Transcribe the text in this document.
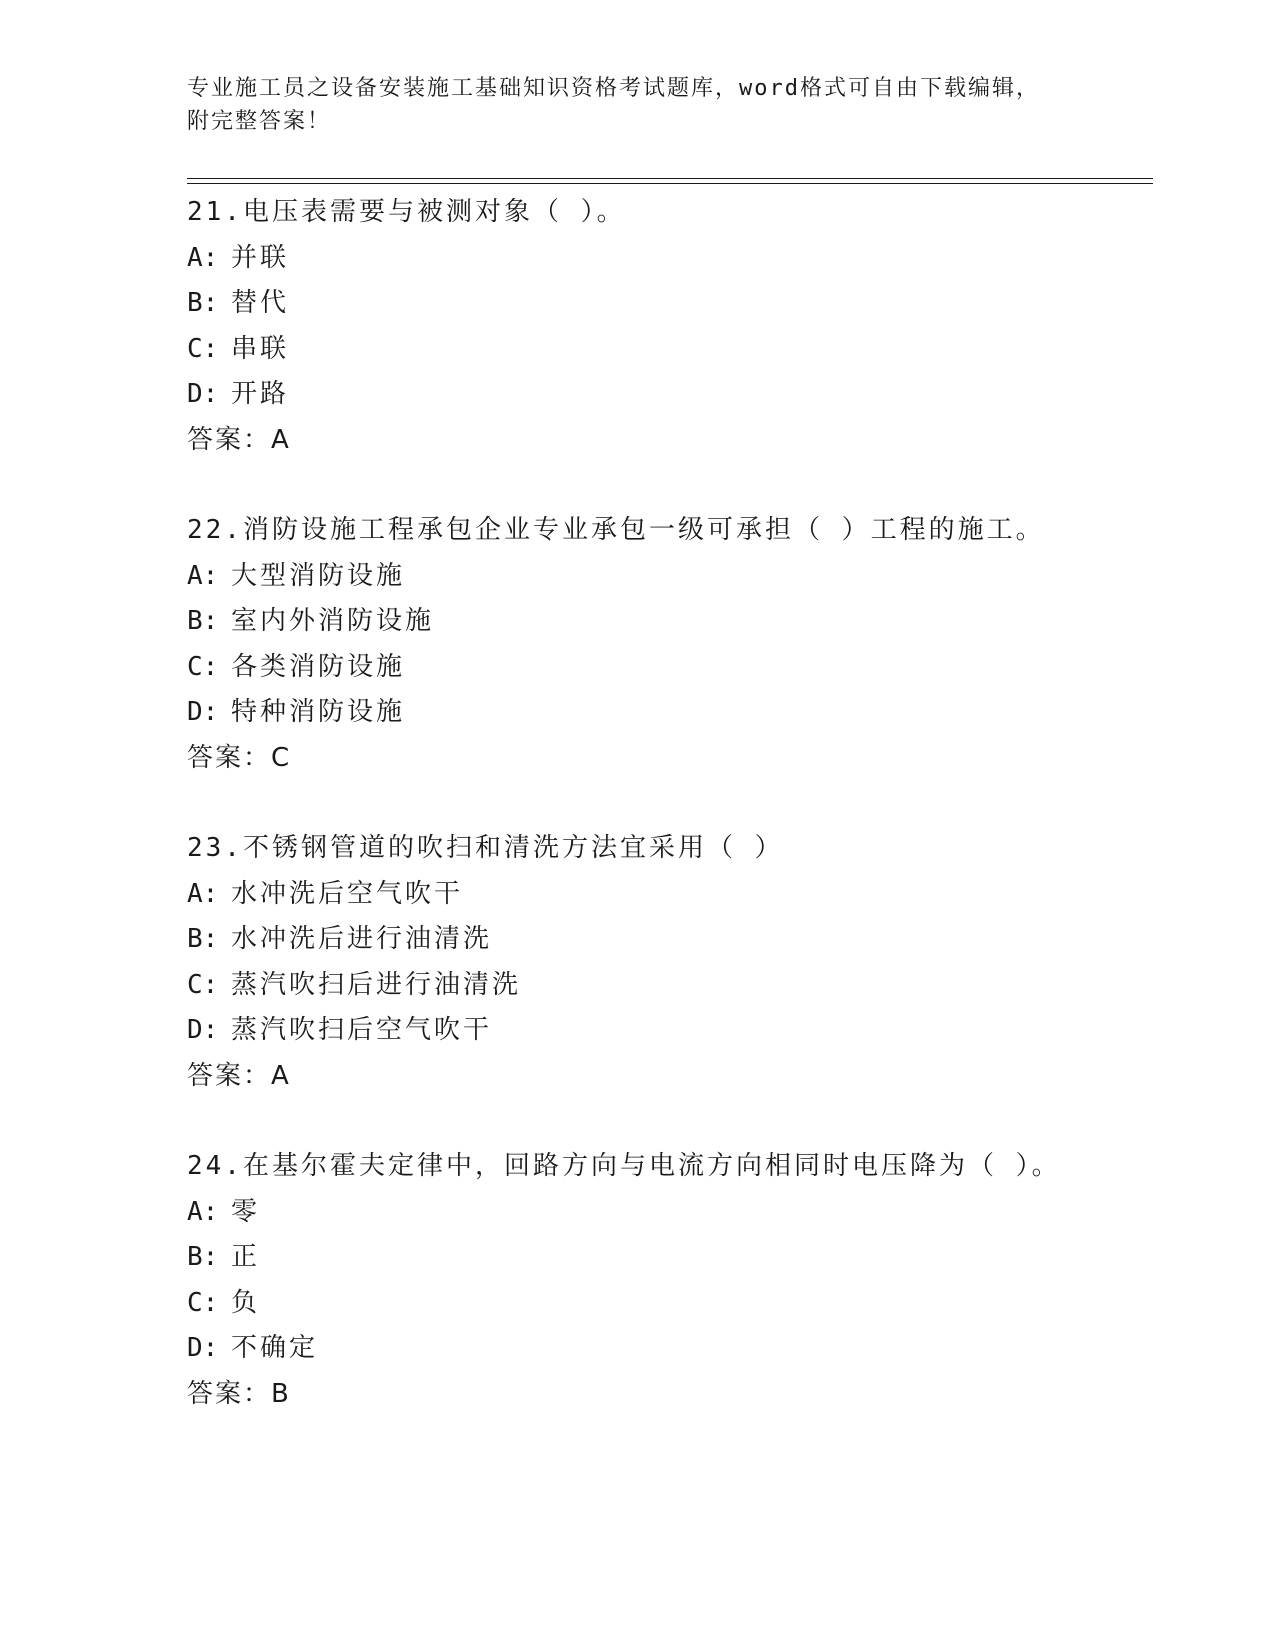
专业施工员之设备安装施工基础知识资格考试题库，word格式可自由下载编辑，
附完整答案！
21.电压表需要与被测对象（ ）。
A: 并联
B: 替代
C: 串联
D: 开路
答案：A
22.消防设施工程承包企业专业承包一级可承担（ ）工程的施工。
A: 大型消防设施
B: 室内外消防设施
C: 各类消防设施
D: 特种消防设施
答案：C
23.不锈钢管道的吹扫和清洗方法宜采用（ ）
A: 水冲洗后空气吹干
B: 水冲洗后进行油清洗
C: 蒸汽吹扫后进行油清洗
D: 蒸汽吹扫后空气吹干
答案：A
24.在基尔霍夫定律中，回路方向与电流方向相同时电压降为（ ）。
A: 零
B: 正
C: 负
D: 不确定
答案：B
